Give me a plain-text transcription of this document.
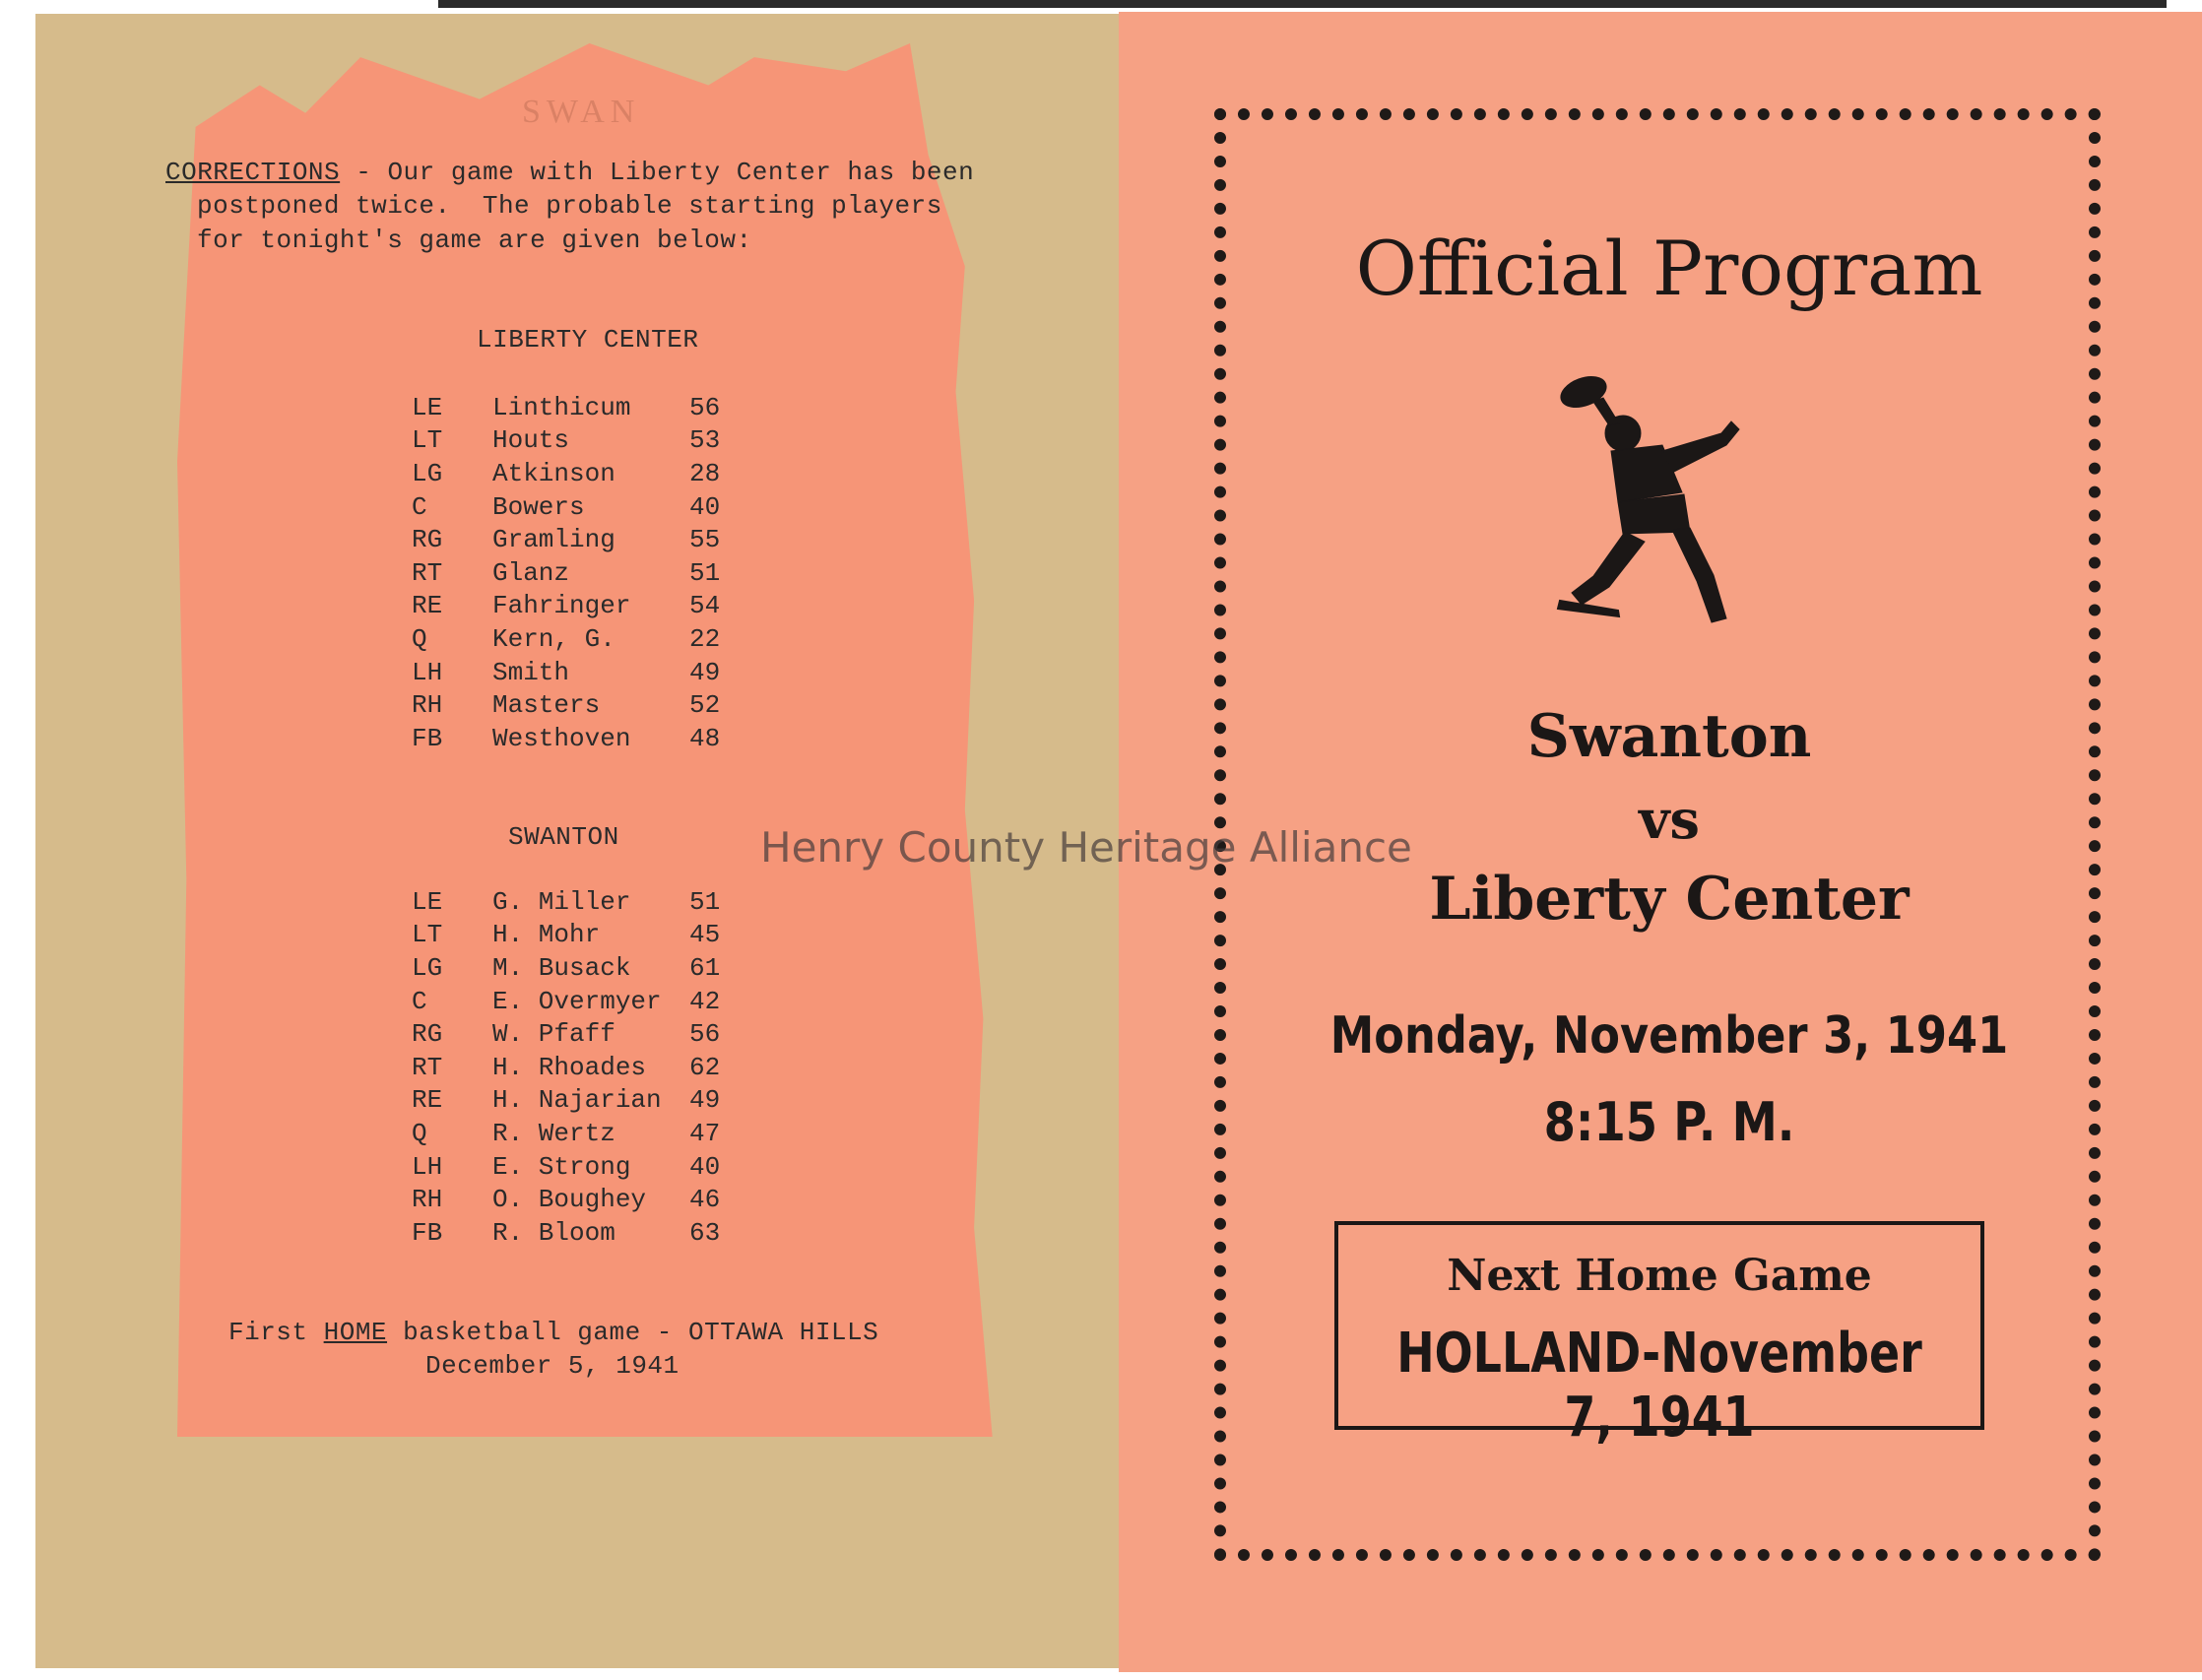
SWAN
CORRECTIONS - Our game with Liberty Center has been
postponed twice.  The probable starting players
for tonight's game are given below:
LIBERTY CENTER
LE	Linthicum	56
LT	Houts	53
LG	Atkinson	28
C	Bowers	40
RG	Gramling	55
RT	Glanz	51
RE	Fahringer	54
Q	Kern, G.	22
LH	Smith	49
RH	Masters	52
FB	Westhoven	48
SWANTON
LE	G. Miller	51
LT	H. Mohr	45
LG	M. Busack	61
C	E. Overmyer	42
RG	W. Pfaff	56
RT	H. Rhoades	62
RE	H. Najarian	49
Q	R. Wertz	47
LH	E. Strong	40
RH	O. Boughey	46
FB	R. Bloom	63
First HOME basketball game - OTTAWA HILLS
December 5, 1941
Official Program
Swanton
vs
Liberty Center
Monday, November 3, 1941
8:15 P. M.
Next Home Game
HOLLAND-November 7, 1941
Henry County Heritage Alliance
